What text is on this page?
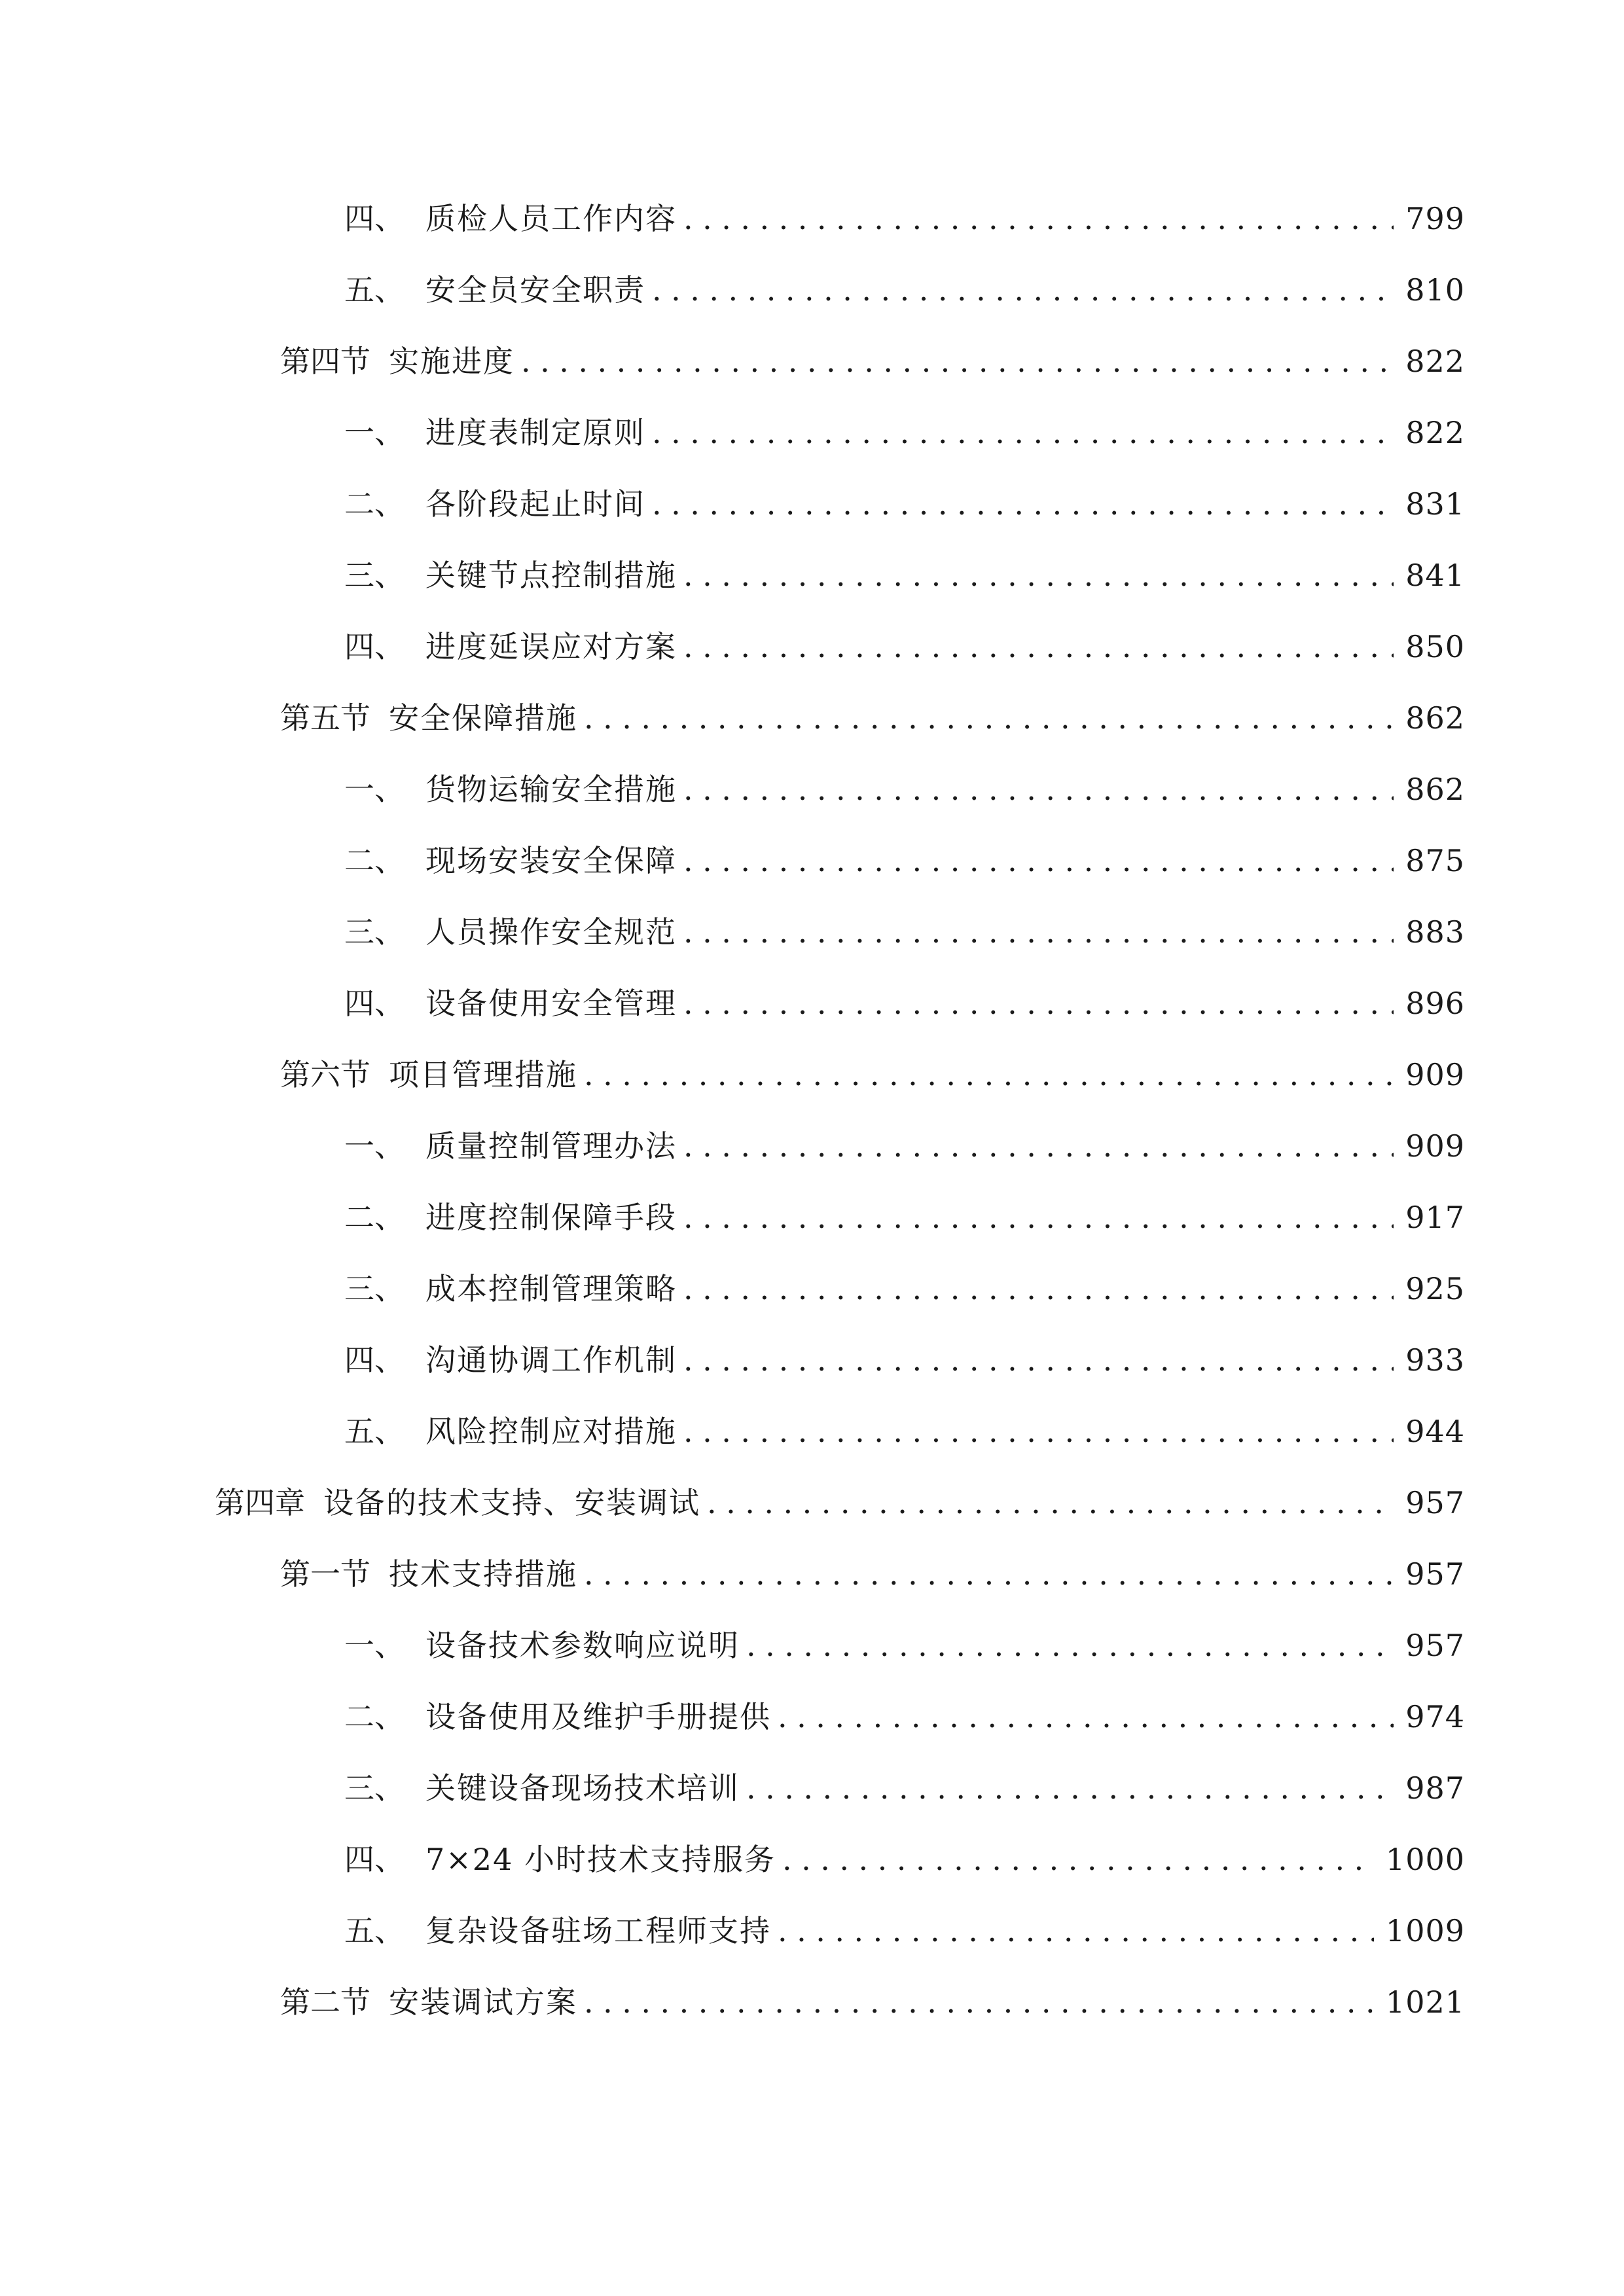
四、 质检人员工作内容 .....	799
五、 安全员安全职责 .....	810
第四节 实施进度 .....	822
一、 进度表制定原则 .....	822
二、 各阶段起止时间 .....	831
三、 关键节点控制措施 .....	841
四、 进度延误应对方案 .....	850
第五节 安全保障措施 .....	862
一、 货物运输安全措施 .....	862
二、 现场安装安全保障 .....	875
三、 人员操作安全规范 .....	883
四、 设备使用安全管理 .....	896
第六节 项目管理措施 .....	909
一、 质量控制管理办法 .....	909
二、 进度控制保障手段 .....	917
三、 成本控制管理策略 .....	925
四、 沟通协调工作机制 .....	933
五、 风险控制应对措施 .....	944
第四章 设备的技术支持、安装调试 .....	957
第一节 技术支持措施 .....	957
一、 设备技术参数响应说明 .....	957
二、 设备使用及维护手册提供 .....	974
三、 关键设备现场技术培训 .....	987
四、 7×24 小时技术支持服务 .....	1000
五、 复杂设备驻场工程师支持 .....	1009
第二节 安装调试方案 .....	1021
